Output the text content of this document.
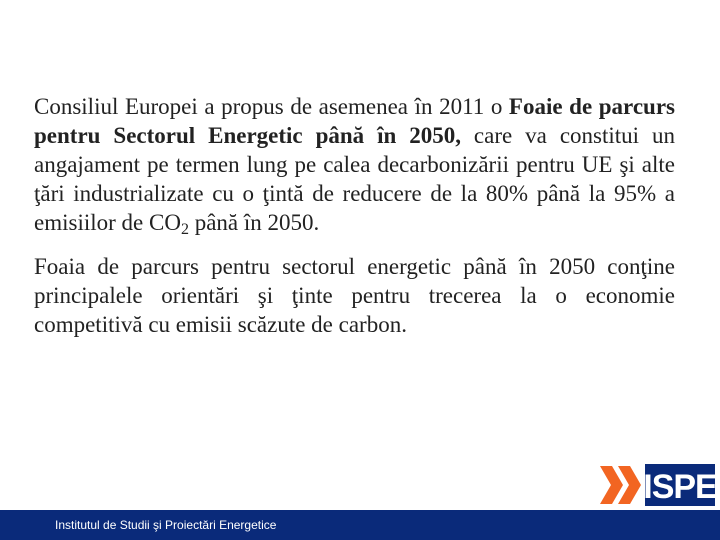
Consiliul Europei a propus de asemenea în 2011 o Foaie de parcurs pentru Sectorul Energetic până în 2050, care va constitui un angajament pe termen lung pe calea decarbonizării pentru UE şi alte ţări industrializate cu o ţintă de reducere de la 80% până la 95% a emisiilor de $CO_2$ până în 2050.

Foaia de parcurs pentru sectorul energetic până în 2050 conţine principalele orientări şi ţinte pentru trecerea la o economie competitivă cu emisii scăzute de carbon.

ISPE
Institutul de Studii şi Proiectări Energetice
